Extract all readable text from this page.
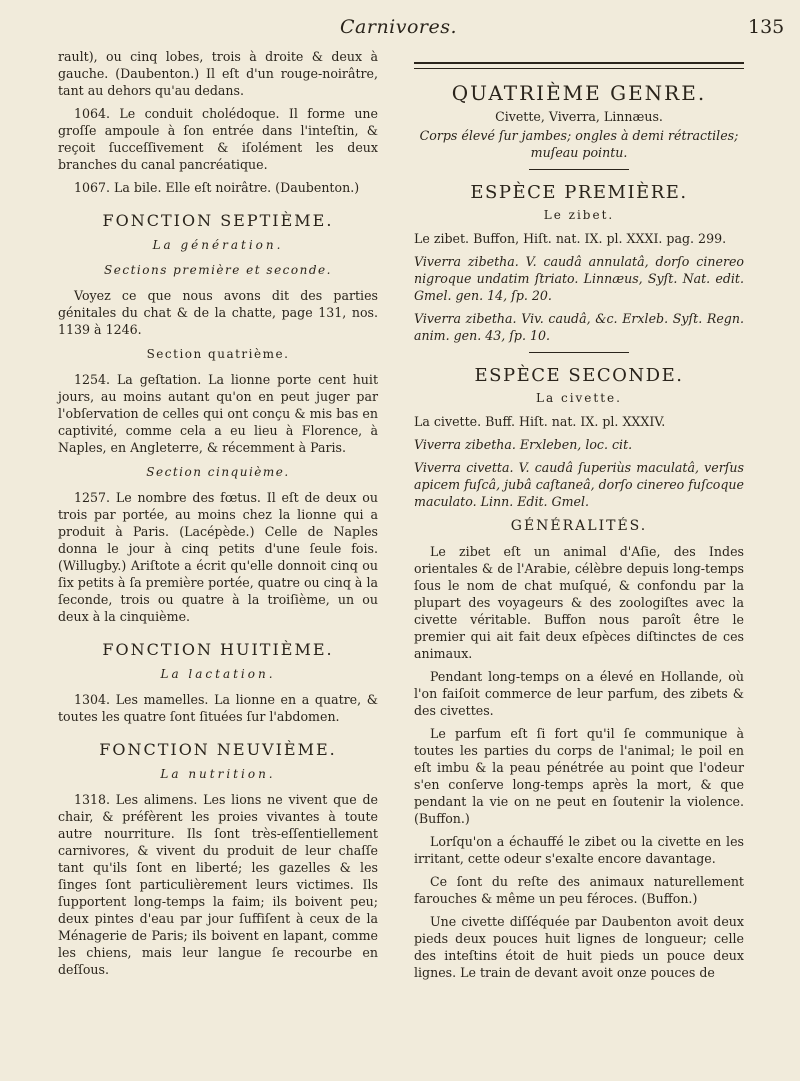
Carnivores.	135

rault), ou cinq lobes, trois à droite & deux à gauche. (Daubenton.) Il eſt d'un rouge-noirâtre, tant au dehors qu'au dedans.

1064. Le conduit cholédoque. Il forme une groſſe ampoule à ſon entrée dans l'inteſtin, & reçoit ſucceſſivement & iſolément les deux branches du canal pancréatique.

1067. La bile. Elle eſt noirâtre. (Daubenton.)

FONCTION SEPTIÈME.
La génération.
Sections première et seconde.

Voyez ce que nous avons dit des parties génitales du chat & de la chatte, page 131, nos. 1139 à 1246.

Section quatrième.

1254. La geſtation. La lionne porte cent huit jours, au moins autant qu'on en peut juger par l'obſervation de celles qui ont conçu & mis bas en captivité, comme cela a eu lieu à Florence, à Naples, en Angleterre, & récemment à Paris.

Section cinquième.

1257. Le nombre des fœtus. Il eſt de deux ou trois par portée, au moins chez la lionne qui a produit à Paris. (Lacépède.) Celle de Naples donna le jour à cinq petits d'une ſeule fois. (Willugby.) Ariſtote a écrit qu'elle donnoit cinq ou ſix petits à ſa première portée, quatre ou cinq à la ſeconde, trois ou quatre à la troiſième, un ou deux à la cinquième.

FONCTION HUITIÈME.
La lactation.

1304. Les mamelles. La lionne en a quatre, & toutes les quatre ſont ſituées ſur l'abdomen.

FONCTION NEUVIÈME.
La nutrition.

1318. Les alimens. Les lions ne vivent que de chair, & préfèrent les proies vivantes à toute autre nourriture. Ils ſont très-eſſentiellement carnivores, & vivent du produit de leur chaſſe tant qu'ils ſont en liberté; les gazelles & les ſinges ſont particulièrement leurs victimes. Ils ſupportent long-temps la faim; ils boivent peu; deux pintes d'eau par jour ſuffiſent à ceux de la Ménagerie de Paris; ils boivent en lapant, comme les chiens, mais leur langue ſe recourbe en deſſous.

QUATRIÈME GENRE.
Civette, Viverra, Linnæus.
Corps élevé ſur jambes; ongles à demi rétractiles; muſeau pointu.
ESPÈCE PREMIÈRE.
Le zibet.

Le zibet. Buffon, Hiſt. nat. IX. pl. XXXI. pag. 299.

Viverra zibetha. V. caudâ annulatâ, dorſo cinereo nigroque undatim ſtriato. Linnæus, Syſt. Nat. edit. Gmel. gen. 14, ſp. 20.

Viverra zibetha. Viv. caudâ, &c. Erxleb. Syſt. Regn. anim. gen. 43, ſp. 10.

ESPÈCE SECONDE.
La civette.

La civette. Buff. Hiſt. nat. IX. pl. XXXIV.

Viverra zibetha. Erxleben, loc. cit.

Viverra civetta. V. caudâ ſuperiùs maculatâ, verſus apicem fuſcâ, jubâ caſtaneâ, dorſo cinereo fuſcoque maculato. Linn. Edit. Gmel.

GÉNÉRALITÉS.

Le zibet eſt un animal d'Aſie, des Indes orientales & de l'Arabie, célèbre depuis long-temps ſous le nom de chat muſqué, & confondu par la plupart des voyageurs & des zoologiſtes avec la civette véritable. Buffon nous paroît être le premier qui ait fait deux eſpèces diſtinctes de ces animaux.

Pendant long-temps on a élevé en Hollande, où l'on faiſoit commerce de leur parfum, des zibets & des civettes.

Le parfum eſt ſi fort qu'il ſe communique à toutes les parties du corps de l'animal; le poil en eſt imbu & la peau pénétrée au point que l'odeur s'en conſerve long-temps après la mort, & que pendant la vie on ne peut en ſoutenir la violence. (Buffon.)

Lorſqu'on a échauffé le zibet ou la civette en les irritant, cette odeur s'exalte encore davantage.

Ce ſont du reſte des animaux naturellement farouches & même un peu féroces. (Buffon.)

Une civette diſſéquée par Daubenton avoit deux pieds deux pouces huit lignes de longueur; celle des inteſtins étoit de huit pieds un pouce deux lignes. Le train de devant avoit onze pouces de
